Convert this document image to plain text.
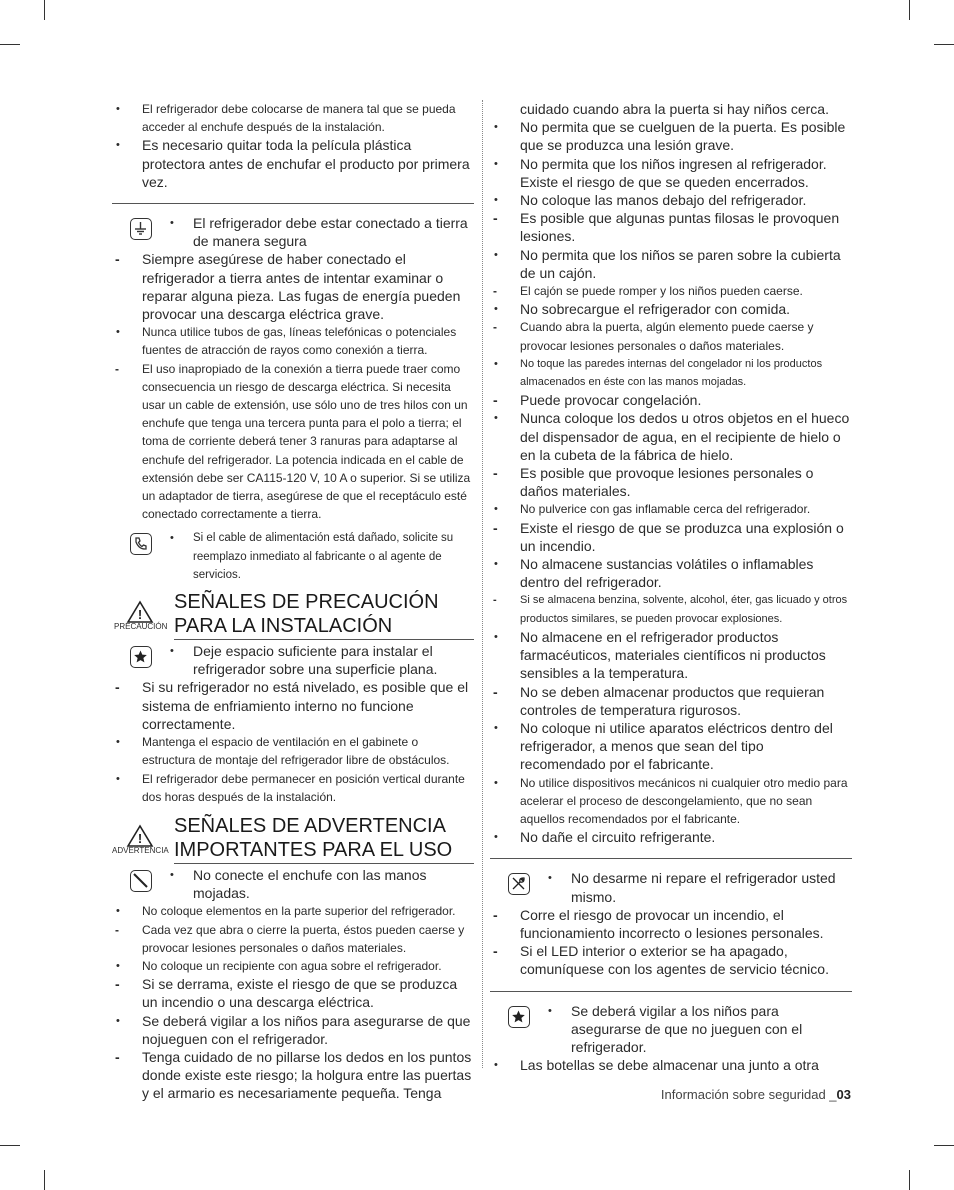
•	El refrigerador debe colocarse de manera tal que se pueda acceder al enchufe después de la instalación.

•	Es necesario quitar toda la película plástica protectora antes de enchufar el producto por primera vez.

•	El refrigerador debe estar conectado a tierra de manera segura

-	Siempre asegúrese de haber conectado el refrigerador a tierra antes de intentar examinar o reparar alguna pieza. Las fugas de energía pueden provocar una descarga eléctrica grave.

•	Nunca utilice tubos de gas, líneas telefónicas o potenciales fuentes de atracción de rayos como conexión a tierra.

-	El uso inapropiado de la conexión a tierra puede traer como consecuencia un riesgo de descarga eléctrica. Si necesita usar un cable de extensión, use sólo uno de tres hilos con un enchufe que tenga una tercera punta para el polo a tierra; el toma de corriente deberá tener 3 ranuras para adaptarse al enchufe del refrigerador. La potencia indicada en el cable de extensión debe ser CA115-120 V, 10 A o superior. Si se utiliza un adaptador de tierra, asegúrese de que el receptáculo esté conectado correctamente a tierra.

•	Si el cable de alimentación está dañado, solicite su reemplazo inmediato al fabricante o al agente de servicios.

!
PRECAUCIÓN
SEÑALES DE PRECAUCIÓN PARA LA INSTALACIÓN

•	Deje espacio suficiente para instalar el refrigerador sobre una superficie plana.

-	Si su refrigerador no está nivelado, es posible que el sistema de enfriamiento interno no funcione correctamente.

•	Mantenga el espacio de ventilación en el gabinete o estructura de montaje del refrigerador libre de obstáculos.

•	El refrigerador debe permanecer en posición vertical durante dos horas después de la instalación.

!
ADVERTENCIA
SEÑALES DE ADVERTENCIA IMPORTANTES PARA EL USO

•	No conecte el enchufe con las manos mojadas.

•	No coloque elementos en la parte superior del refrigerador.

-	Cada vez que abra o cierre la puerta, éstos pueden caerse y provocar lesiones personales o daños materiales.

•	No coloque un recipiente con agua sobre el refrigerador.

-	Si se derrama, existe el riesgo de que se produzca un incendio o una descarga eléctrica.

•	Se deberá vigilar a los niños para asegurarse de que nojueguen con el refrigerador.

-	Tenga cuidado de no pillarse los dedos en los puntos donde existe este riesgo; la holgura entre las puertas y el armario es necesariamente pequeña. Tenga

cuidado cuando abra la puerta si hay niños cerca.

•	No permita que se cuelguen de la puerta. Es posible que se produzca una lesión grave.

•	No permita que los niños ingresen al refrigerador. Existe el riesgo de que se queden encerrados.

•	No coloque las manos debajo del refrigerador.

-	Es posible que algunas puntas filosas le provoquen lesiones.

•	No permita que los niños se paren sobre la cubierta de un cajón.

-	El cajón se puede romper y los niños pueden caerse.

•	No sobrecargue el refrigerador con comida.

-	Cuando abra la puerta, algún elemento puede caerse y provocar lesiones personales o daños materiales.

•	No toque las paredes internas del congelador ni los productos almacenados en éste con las manos mojadas.

-	Puede provocar congelación.

•	Nunca coloque los dedos u otros objetos en el hueco del dispensador de agua, en el recipiente de hielo o en la cubeta de la fábrica de hielo.

-	Es posible que provoque lesiones personales o daños materiales.

•	No pulverice con gas inflamable cerca del refrigerador.

-	Existe el riesgo de que se produzca una explosión o un incendio.

•	No almacene sustancias volátiles o inflamables dentro del refrigerador.

-	Si se almacena benzina, solvente, alcohol, éter, gas licuado y otros productos similares, se pueden provocar explosiones.

•	No almacene en el refrigerador productos farmacéuticos, materiales científicos ni productos sensibles a la temperatura.

-	No se deben almacenar productos que requieran controles de temperatura rigurosos.

•	No coloque ni utilice aparatos eléctricos dentro del refrigerador, a menos que sean del tipo recomendado por el fabricante.

•	No utilice dispositivos mecánicos ni cualquier otro medio para acelerar el proceso de descongelamiento, que no sean aquellos recomendados por el fabricante.

•	No dañe el circuito refrigerante.

•	No desarme ni repare el refrigerador usted mismo.

-	Corre el riesgo de provocar un incendio, el funcionamiento incorrecto o lesiones personales.

-	Si el LED interior o exterior se ha apagado, comuníquese con los agentes de servicio técnico.

•	Se deberá vigilar a los niños para asegurarse de que no jueguen con el refrigerador.

•	Las botellas se debe almacenar una junto a otra

Información sobre seguridad _03
